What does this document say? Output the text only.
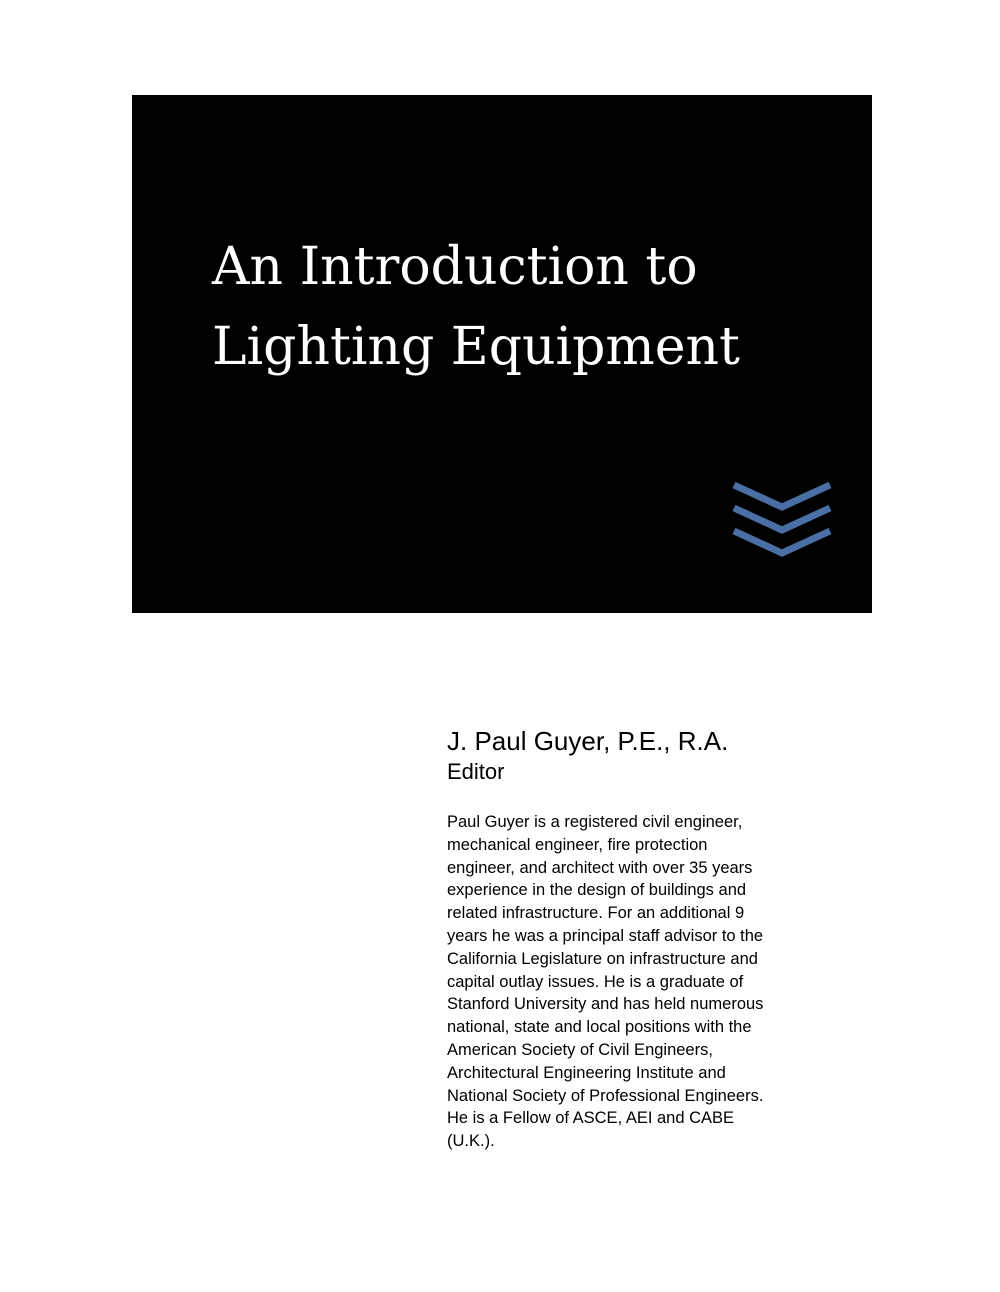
An Introduction to
Lighting Equipment

J. Paul Guyer, P.E., R.A.

Editor

Paul Guyer is a registered civil engineer,
mechanical engineer, fire protection
engineer, and architect with over 35 years
experience in the design of buildings and
related infrastructure. For an additional 9
years he was a principal staff advisor to the
California Legislature on infrastructure and
capital outlay issues. He is a graduate of
Stanford University and has held numerous
national, state and local positions with the
American Society of Civil Engineers,
Architectural Engineering Institute and
National Society of Professional Engineers.
He is a Fellow of ASCE, AEI and CABE
(U.K.).
